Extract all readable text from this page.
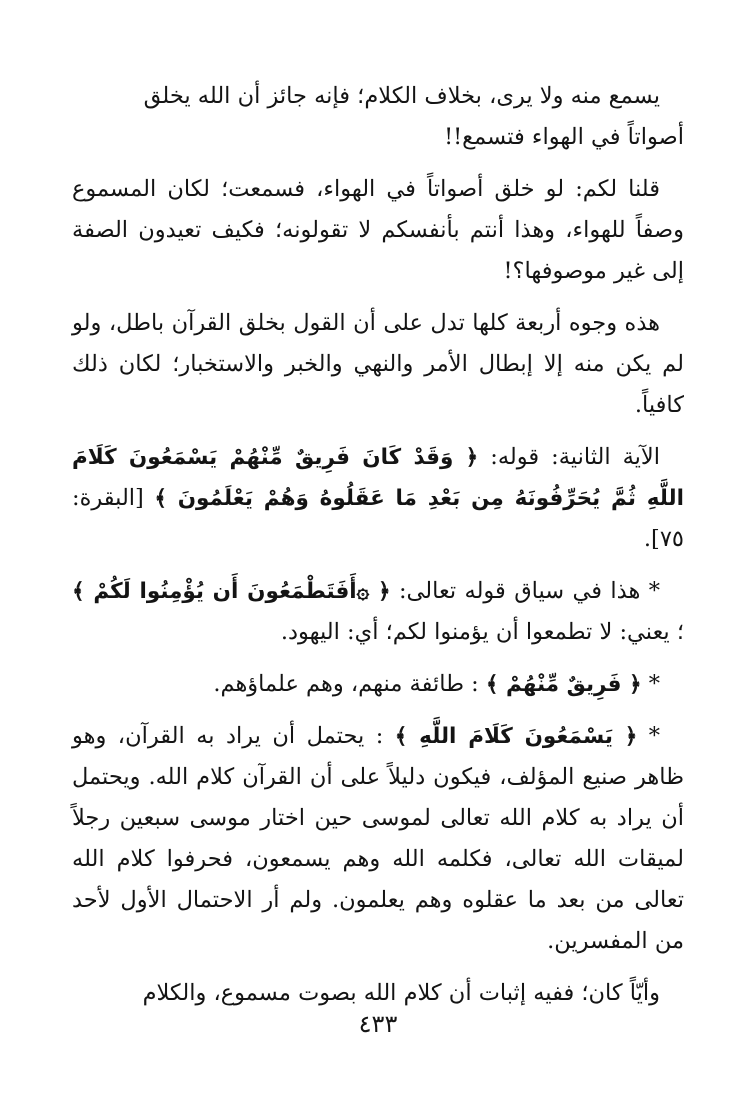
يسمع منه ولا يرى، بخلاف الكلام؛ فإنه جائز أن الله يخلق
أصواتاً في الهواء فتسمع!!

قلنا لكم: لو خلق أصواتاً في الهواء، فسمعت؛ لكان المسموع وصفاً للهواء، وهذا أنتم بأنفسكم لا تقولونه؛ فكيف تعيدون الصفة إلى غير موصوفها؟!

هذه وجوه أربعة كلها تدل على أن القول بخلق القرآن باطل، ولو لم يكن منه إلا إبطال الأمر والنهي والخبر والاستخبار؛ لكان ذلك كافياً.

الآية الثانية: قوله: ﴿ وَقَدْ كَانَ فَرِيقٌ مِّنْهُمْ يَسْمَعُونَ كَلَامَ اللَّهِ ثُمَّ يُحَرِّفُونَهُ مِن بَعْدِ مَا عَقَلُوهُ وَهُمْ يَعْلَمُونَ ﴾ [البقرة: ٧٥].

* هذا في سياق قوله تعالى: ﴿ ۞أَفَتَطْمَعُونَ أَن يُؤْمِنُوا لَكُمْ ﴾ ؛ يعني: لا تطمعوا أن يؤمنوا لكم؛ أي: اليهود.

* ﴿ فَرِيقٌ مِّنْهُمْ ﴾ : طائفة منهم، وهم علماؤهم.

* ﴿ يَسْمَعُونَ كَلَامَ اللَّهِ ﴾ : يحتمل أن يراد به القرآن، وهو ظاهر صنيع المؤلف، فيكون دليلاً على أن القرآن كلام الله. ويحتمل أن يراد به كلام الله تعالى لموسى حين اختار موسى سبعين رجلاً لميقات الله تعالى، فكلمه الله وهم يسمعون، فحرفوا كلام الله تعالى من بعد ما عقلوه وهم يعلمون. ولم أر الاحتمال الأول لأحد من المفسرين.

وأيّاً كان؛ ففيه إثبات أن كلام الله بصوت مسموع، والكلام

٤٣٣
